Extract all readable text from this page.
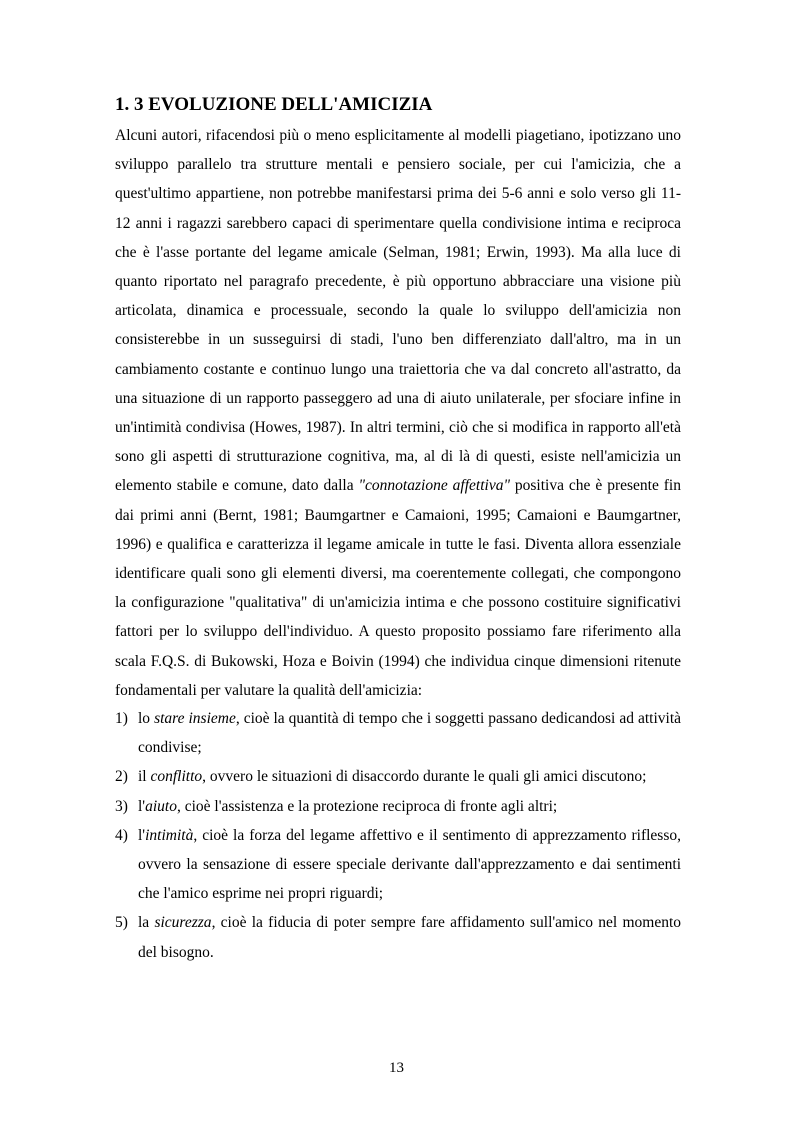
1. 3 EVOLUZIONE DELL'AMICIZIA

Alcuni autori, rifacendosi più o meno esplicitamente al modelli piagetiano, ipotizzano uno sviluppo parallelo tra strutture mentali e pensiero sociale, per cui l'amicizia, che a quest'ultimo appartiene, non potrebbe manifestarsi prima dei 5-6 anni e solo verso gli 11-12 anni i ragazzi sarebbero capaci di sperimentare quella condivisione intima e reciproca che è l'asse portante del legame amicale (Selman, 1981; Erwin, 1993). Ma alla luce di quanto riportato nel paragrafo precedente, è più opportuno abbracciare una visione più articolata, dinamica e processuale, secondo la quale lo sviluppo dell'amicizia non consisterebbe in un susseguirsi di stadi, l'uno ben differenziato dall'altro, ma in un cambiamento costante e continuo lungo una traiettoria che va dal concreto all'astratto, da una situazione di un rapporto passeggero ad una di aiuto unilaterale, per sfociare infine in un'intimità condivisa (Howes, 1987). In altri termini, ciò che si modifica in rapporto all'età sono gli aspetti di strutturazione cognitiva, ma, al di là di questi, esiste nell'amicizia un elemento stabile e comune, dato dalla "connotazione affettiva" positiva che è presente fin dai primi anni (Bernt, 1981; Baumgartner e Camaioni, 1995; Camaioni e Baumgartner, 1996) e qualifica e caratterizza il legame amicale in tutte le fasi. Diventa allora essenziale identificare quali sono gli elementi diversi, ma coerentemente collegati, che compongono la configurazione "qualitativa" di un'amicizia intima e che possono costituire significativi fattori per lo sviluppo dell'individuo. A questo proposito possiamo fare riferimento alla scala F.Q.S. di Bukowski, Hoza e Boivin (1994) che individua cinque dimensioni ritenute fondamentali per valutare la qualità dell'amicizia:

1) lo stare insieme, cioè la quantità di tempo che i soggetti passano dedicandosi ad attività condivise;
2) il conflitto, ovvero le situazioni di disaccordo durante le quali gli amici discutono;
3) l'aiuto, cioè l'assistenza e la protezione reciproca di fronte agli altri;
4) l'intimità, cioè la forza del legame affettivo e il sentimento di apprezzamento riflesso, ovvero la sensazione di essere speciale derivante dall'apprezzamento e dai sentimenti che l'amico esprime nei propri riguardi;
5) la sicurezza, cioè la fiducia di poter sempre fare affidamento sull'amico nel momento del bisogno.
13
